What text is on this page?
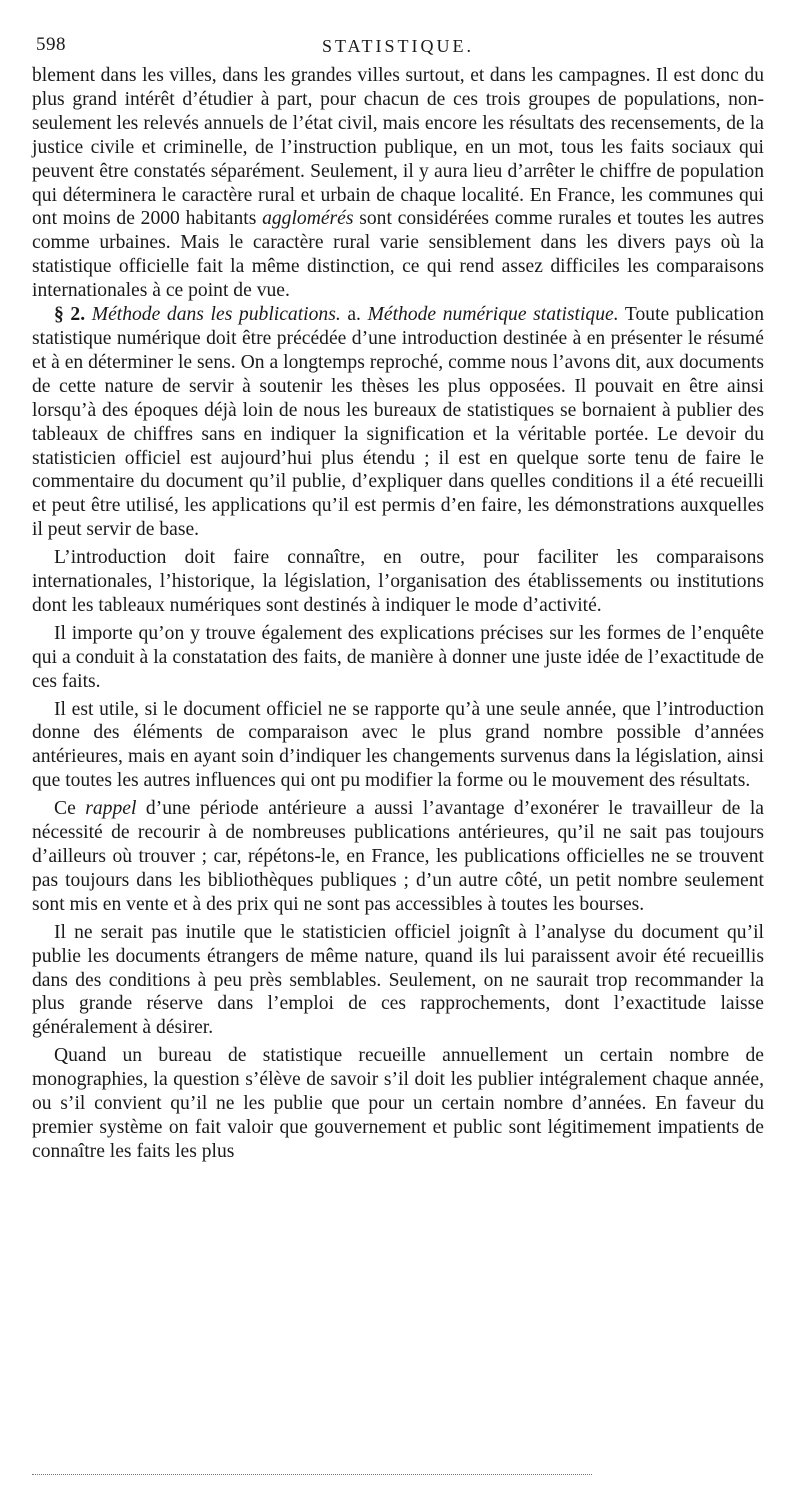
598	STATISTIQUE.

blement dans les villes, dans les grandes villes surtout, et dans les campagnes. Il est donc du plus grand intérêt d’étudier à part, pour chacun de ces trois groupes de populations, non-seulement les relevés annuels de l’état civil, mais encore les résultats des recensements, de la justice civile et criminelle, de l’instruction publique, en un mot, tous les faits sociaux qui peuvent être constatés séparément. Seulement, il y aura lieu d’arrêter le chiffre de population qui déterminera le caractère rural et urbain de chaque localité. En France, les communes qui ont moins de 2000 habitants agglomérés sont considérées comme rurales et toutes les autres comme urbaines. Mais le caractère rural varie sensiblement dans les divers pays où la statistique officielle fait la même distinction, ce qui rend assez difficiles les comparaisons internationales à ce point de vue.

§ 2. Méthode dans les publications. a. Méthode numérique statistique. Toute publication statistique numérique doit être précédée d’une introduction destinée à en présenter le résumé et à en déterminer le sens. On a longtemps reproché, comme nous l’avons dit, aux documents de cette nature de servir à soutenir les thèses les plus opposées. Il pouvait en être ainsi lorsqu’à des époques déjà loin de nous les bureaux de statistiques se bornaient à publier des tableaux de chiffres sans en indiquer la signification et la véritable portée. Le devoir du statisticien officiel est aujourd’hui plus étendu ; il est en quelque sorte tenu de faire le commentaire du document qu’il publie, d’expliquer dans quelles conditions il a été recueilli et peut être utilisé, les applications qu’il est permis d’en faire, les démonstrations auxquelles il peut servir de base.

L’introduction doit faire connaître, en outre, pour faciliter les comparaisons internationales, l’historique, la législation, l’organisation des établissements ou institutions dont les tableaux numériques sont destinés à indiquer le mode d’activité.

Il importe qu’on y trouve également des explications précises sur les formes de l’enquête qui a conduit à la constatation des faits, de manière à donner une juste idée de l’exactitude de ces faits.

Il est utile, si le document officiel ne se rapporte qu’à une seule année, que l’introduction donne des éléments de comparaison avec le plus grand nombre possible d’années antérieures, mais en ayant soin d’indiquer les changements survenus dans la législation, ainsi que toutes les autres influences qui ont pu modifier la forme ou le mouvement des résultats.

Ce rappel d’une période antérieure a aussi l’avantage d’exonérer le travailleur de la nécessité de recourir à de nombreuses publications antérieures, qu’il ne sait pas toujours d’ailleurs où trouver ; car, répétons-le, en France, les publications officielles ne se trouvent pas toujours dans les bibliothèques publiques ; d’un autre côté, un petit nombre seulement sont mis en vente et à des prix qui ne sont pas accessibles à toutes les bourses.

Il ne serait pas inutile que le statisticien officiel joignît à l’analyse du document qu’il publie les documents étrangers de même nature, quand ils lui paraissent avoir été recueillis dans des conditions à peu près semblables. Seulement, on ne saurait trop recommander la plus grande réserve dans l’emploi de ces rapprochements, dont l’exactitude laisse généralement à désirer.

Quand un bureau de statistique recueille annuellement un certain nombre de monographies, la question s’élève de savoir s’il doit les publier intégralement chaque année, ou s’il convient qu’il ne les publie que pour un certain nombre d’années. En faveur du premier système on fait valoir que gouvernement et public sont légitimement impatients de connaître les faits les plus
